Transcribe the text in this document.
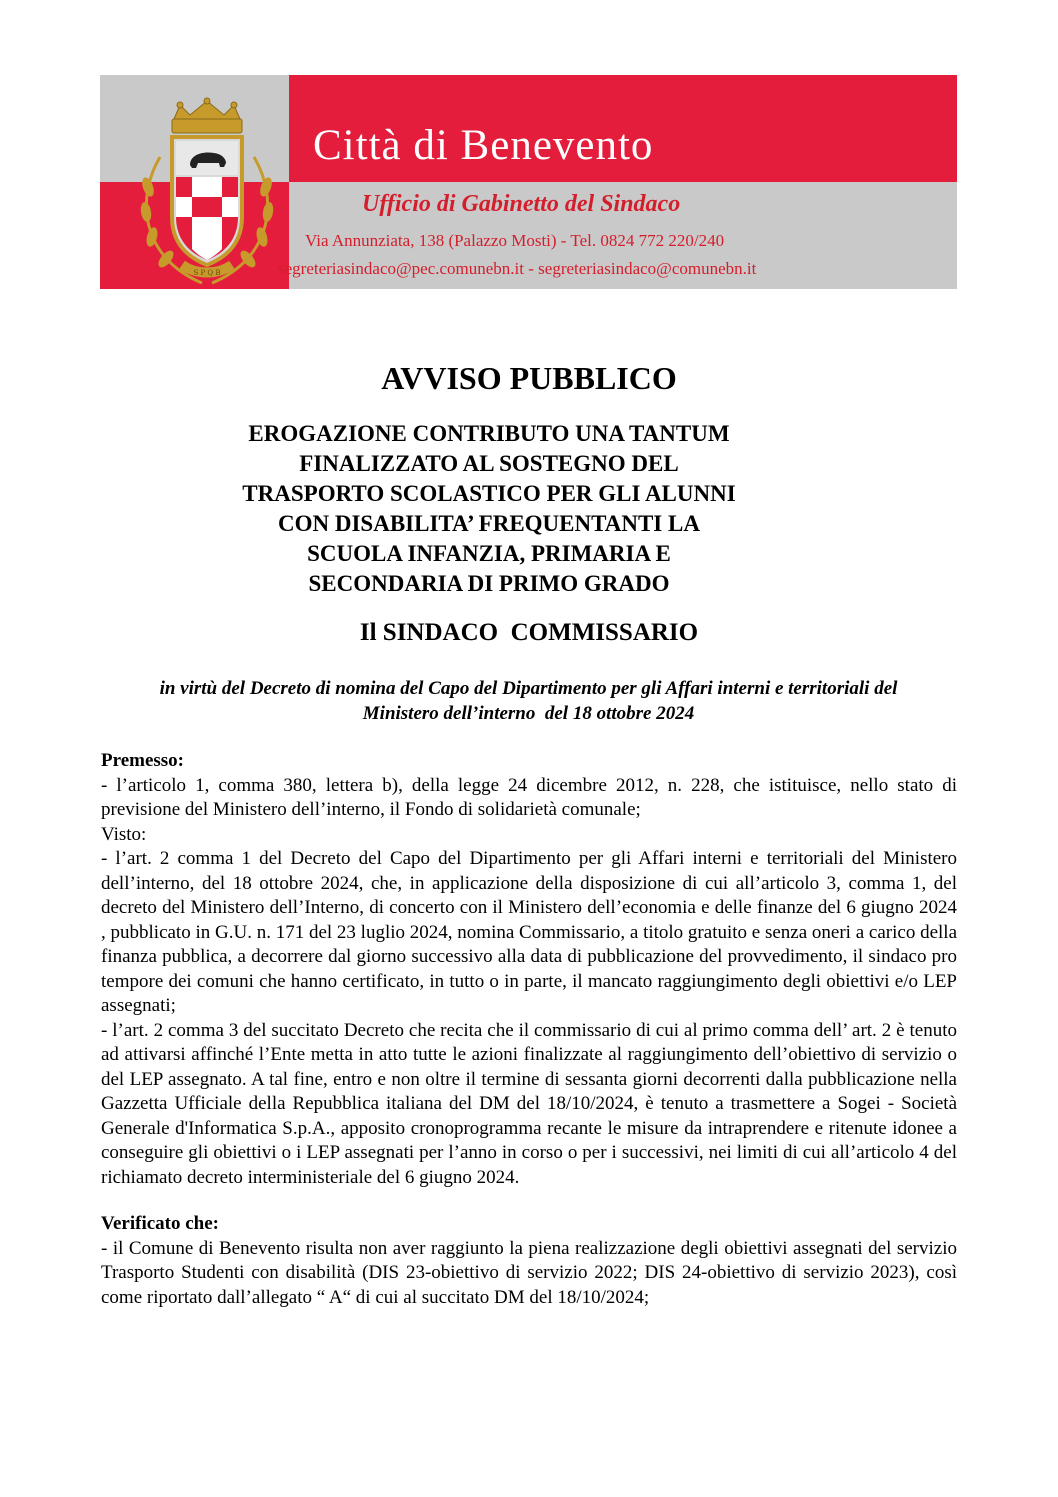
S P Q B
Città di Benevento
Ufficio di Gabinetto del Sindaco
Via Annunziata, 138 (Palazzo Mosti) - Tel. 0824 772 220/240
segreteriasindaco@pec.comunebn.it - segreteriasindaco@comunebn.it
AVVISO PUBBLICO
EROGAZIONE CONTRIBUTO UNA TANTUM
FINALIZZATO AL SOSTEGNO DEL
TRASPORTO SCOLASTICO PER GLI ALUNNI
CON DISABILITA’ FREQUENTANTI LA
SCUOLA INFANZIA, PRIMARIA E
SECONDARIA DI PRIMO GRADO
Il SINDACO  COMMISSARIO
in virtù del Decreto di nomina del Capo del Dipartimento per gli Affari interni e territoriali del
Ministero dell’interno  del 18 ottobre 2024

Premesso:

- l’articolo 1, comma 380, lettera b), della legge 24 dicembre 2012, n. 228, che istituisce, nello stato di previsione del Ministero dell’interno, il Fondo di solidarietà comunale;

Visto:

- l’art. 2 comma 1 del Decreto del Capo del Dipartimento per gli Affari interni e territoriali del Ministero dell’interno, del 18 ottobre 2024, che, in applicazione della disposizione di cui all’articolo 3, comma 1, del decreto del Ministero dell’Interno, di concerto con il Ministero dell’economia e delle finanze del 6 giugno 2024 , pubblicato in G.U. n. 171 del 23 luglio 2024, nomina Commissario, a titolo gratuito e senza oneri a carico della finanza pubblica, a decorrere dal giorno successivo alla data di pubblicazione del provvedimento, il sindaco pro tempore dei comuni che hanno certificato, in tutto o in parte, il mancato raggiungimento degli obiettivi e/o LEP assegnati;

- l’art. 2 comma 3 del succitato Decreto che recita che il commissario di cui al primo comma dell’ art. 2 è tenuto ad attivarsi affinché l’Ente metta in atto tutte le azioni finalizzate al raggiungimento dell’obiettivo di servizio o del LEP assegnato. A tal fine, entro e non oltre il termine di sessanta giorni decorrenti dalla pubblicazione nella Gazzetta Ufficiale della Repubblica italiana del DM del 18/10/2024, è tenuto a trasmettere a Sogei - Società Generale d'Informatica S.p.A., apposito cronoprogramma recante le misure da intraprendere e ritenute idonee a conseguire gli obiettivi o i LEP assegnati per l’anno in corso o per i successivi, nei limiti di cui all’articolo 4 del richiamato decreto interministeriale del 6 giugno 2024.

Verificato che:

- il Comune di Benevento risulta non aver raggiunto la piena realizzazione degli obiettivi assegnati del servizio Trasporto Studenti con disabilità (DIS 23-obiettivo di servizio 2022; DIS 24-obiettivo di servizio 2023), così come riportato dall’allegato “ A“ di cui al succitato DM del 18/10/2024;
